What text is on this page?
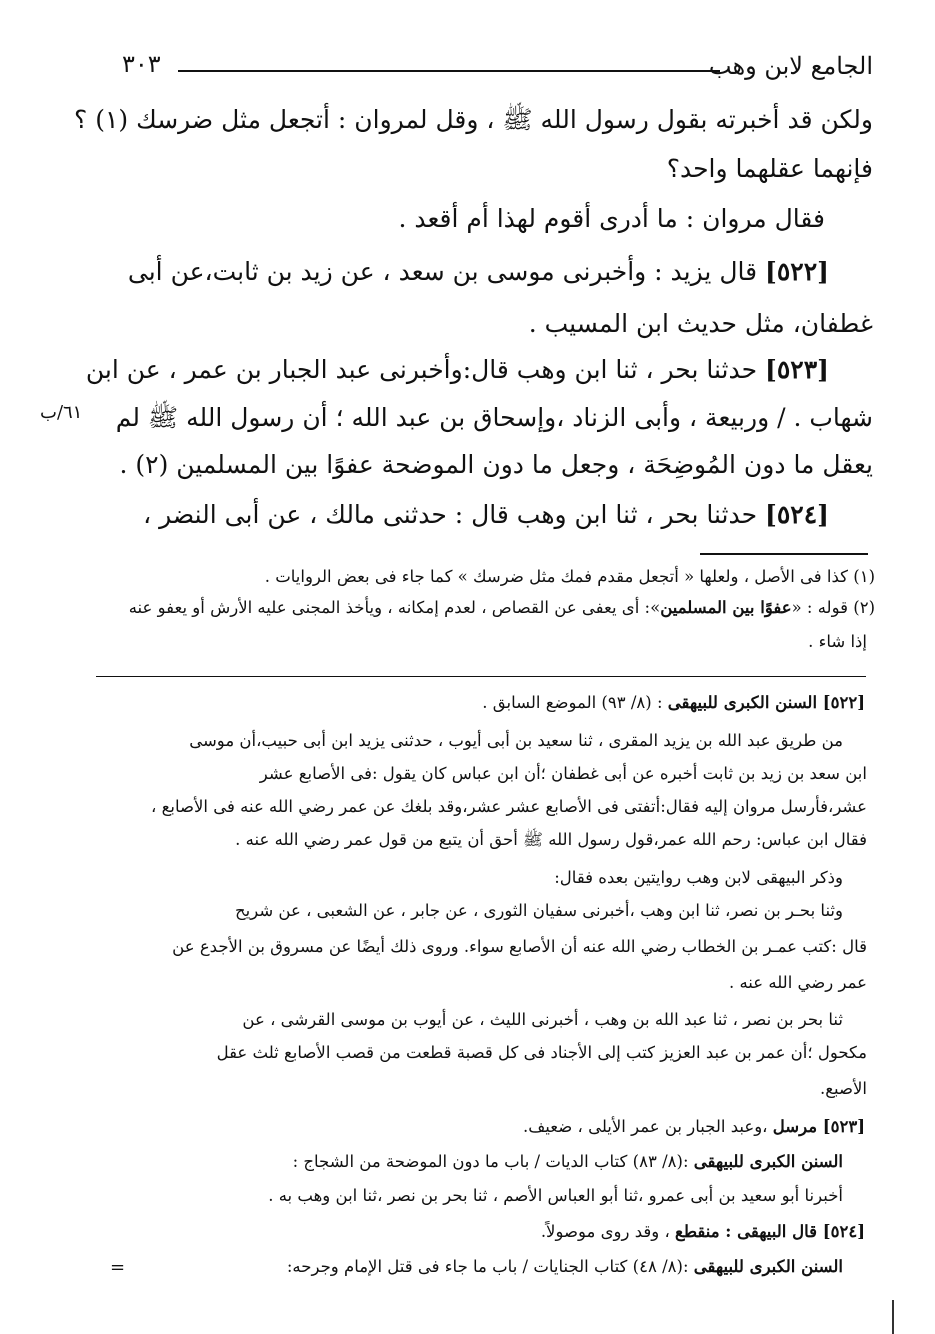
الجامع لابن وهب
٣٠٣
ولكن قد أخبرته بقول رسول الله ﷺ ، وقل لمروان : أتجعل مثل ضرسك (١) ؟
فإنهما عقلهما واحد؟
فقال مروان : ما أدرى أقوم لهذا أم أقعد .
[٥٢٢] قال يزيد : وأخبرنى موسى بن سعد ، عن زيد بن ثابت،عن أبى
غطفان، مثل حديث ابن المسيب .
[٥٢٣] حدثنا بحر ، ثنا ابن وهب قال:وأخبرنى عبد الجبار بن عمر ، عن ابن
شهاب . / وربيعة ، وأبى الزناد ،وإسحاق بن عبد الله ؛ أن رسول الله ﷺ لم
يعقل ما دون المُوضِحَة ، وجعل ما دون الموضحة عفوًا بين المسلمين (٢) .
[٥٢٤] حدثنا بحر ، ثنا ابن وهب قال : حدثنى مالك ، عن أبى النضر ،
٦١/ب
(١) كذا فى الأصل ، ولعلها « أتجعل مقدم فمك مثل ضرسك » كما جاء فى بعض الروايات .
(٢) قوله : «عفوًا بين المسلمين»: أى يعفى عن القصاص ، لعدم إمكانه ، ويأخذ المجنى عليه الأرش أو يعفو عنه
إذا شاء .
[٥٢٢] السنن الكبرى للبيهقى : (٨/ ٩٣) الموضع السابق .
من طريق عبد الله بن يزيد المقرى ، ثنا سعيد بن أبى أيوب ، حدثنى يزيد ابن أبى حبيب،أن موسى
ابن سعد بن زيد بن ثابت أخبره عن أبى غطفان ؛أن ابن عباس كان يقول :فى الأصابع عشر
عشر،فأرسل مروان إليه فقال:أتفتى فى الأصابع عشر عشر،وقد بلغك عن عمر رضي الله عنه فى الأصابع ،
فقال ابن عباس: رحم الله عمر،قول رسول الله ﷺ أحق أن يتبع من قول عمر رضي الله عنه .
وذكر البيهقى لابن وهب روايتين بعده فقال:
وثنا بحـر بن نصر، ثنا ابن وهب ،أخبرنى سفيان الثورى ، عن جابر ، عن الشعبى ، عن شريح
قال :كتب عمـر بن الخطاب رضي الله عنه أن الأصابع سواء. وروى ذلك أيضًا عن مسروق بن الأجدع عن
عمر رضي الله عنه .
ثنا بحر بن نصر ، ثنا عبد الله بن وهب ، أخبرنى الليث ، عن أيوب بن موسى القرشى ، عن
مكحول ؛أن عمر بن عبد العزيز كتب إلى الأجناد فى كل قصبة قطعت من قصب الأصابع ثلث عقل
الأصبع.
[٥٢٣] مرسل ،وعبد الجبار بن عمر الأيلى ، ضعيف.
السنن الكبرى للبيهقى :(٨/ ٨٣) كتاب الديات / باب ما دون الموضحة من الشجاج :
أخبرنا أبو سعيد بن أبى عمرو ،ثنا أبو العباس الأصم ، ثنا بحر بن نصر ،ثنا ابن وهب به .
[٥٢٤] قال البيهقى : منقطع ، وقد روى موصولاً.
السنن الكبرى للبيهقى :(٨/ ٤٨) كتاب الجنايات / باب ما جاء فى قتل الإمام وجرحه:
=
